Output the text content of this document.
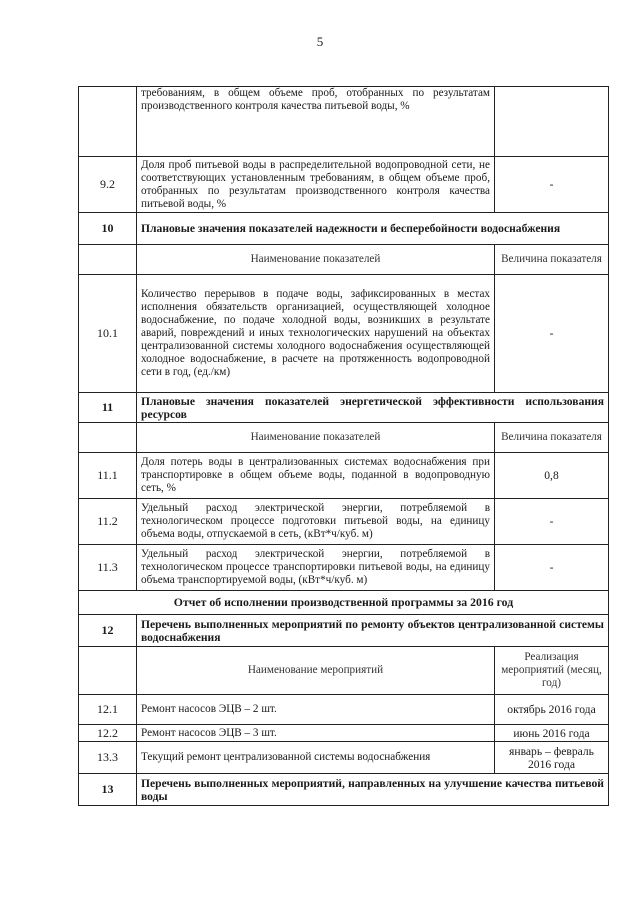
5
	требованиям, в общем объеме проб, отобранных по результатам производственного контроля качества питьевой воды, %	
9.2	Доля проб питьевой воды в распределительной водопроводной сети, не соответствующих установленным требованиям, в общем объеме проб, отобранных по результатам производственного контроля качества питьевой воды, %	-
10	Плановые значения показателей надежности и бесперебойности водоснабжения	
	Наименование показателей	Величина показателя
10.1	Количество перерывов в подаче воды, зафиксированных в местах исполнения обязательств организацией, осуществляющей холодное водоснабжение, по подаче холодной воды, возникших в результате аварий, повреждений и иных технологических нарушений на объектах централизованной системы холодного водоснабжения осуществляющей холодное водоснабжение, в расчете на протяженность водопроводной сети в год, (ед./км)	-
11	Плановые значения показателей энергетической эффективности использования ресурсов	
	Наименование показателей	Величина показателя
11.1	Доля потерь воды в централизованных системах водоснабжения при транспортировке в общем объеме воды, поданной в водопроводную сеть, %	0,8
11.2	Удельный расход электрической энергии, потребляемой в технологическом процессе подготовки питьевой воды, на единицу объема воды, отпускаемой в сеть, (кВт*ч/куб. м)	-
11.3	Удельный расход электрической энергии, потребляемой в технологическом процессе транспортировки питьевой воды, на единицу объема транспортируемой воды, (кВт*ч/куб. м)	-
Отчет об исполнении производственной программы за 2016 год		
12	Перечень выполненных мероприятий по ремонту объектов централизованной системы водоснабжения	
	Наименование мероприятий	Реализация мероприятий (месяц, год)
12.1	Ремонт насосов ЭЦВ – 2 шт.	октябрь 2016 года
12.2	Ремонт насосов ЭЦВ – 3 шт.	июнь 2016 года
13.3	Текущий ремонт централизованной системы водоснабжения	январь – февраль 2016 года
13	Перечень выполненных мероприятий, направленных на улучшение качества питьевой воды	
